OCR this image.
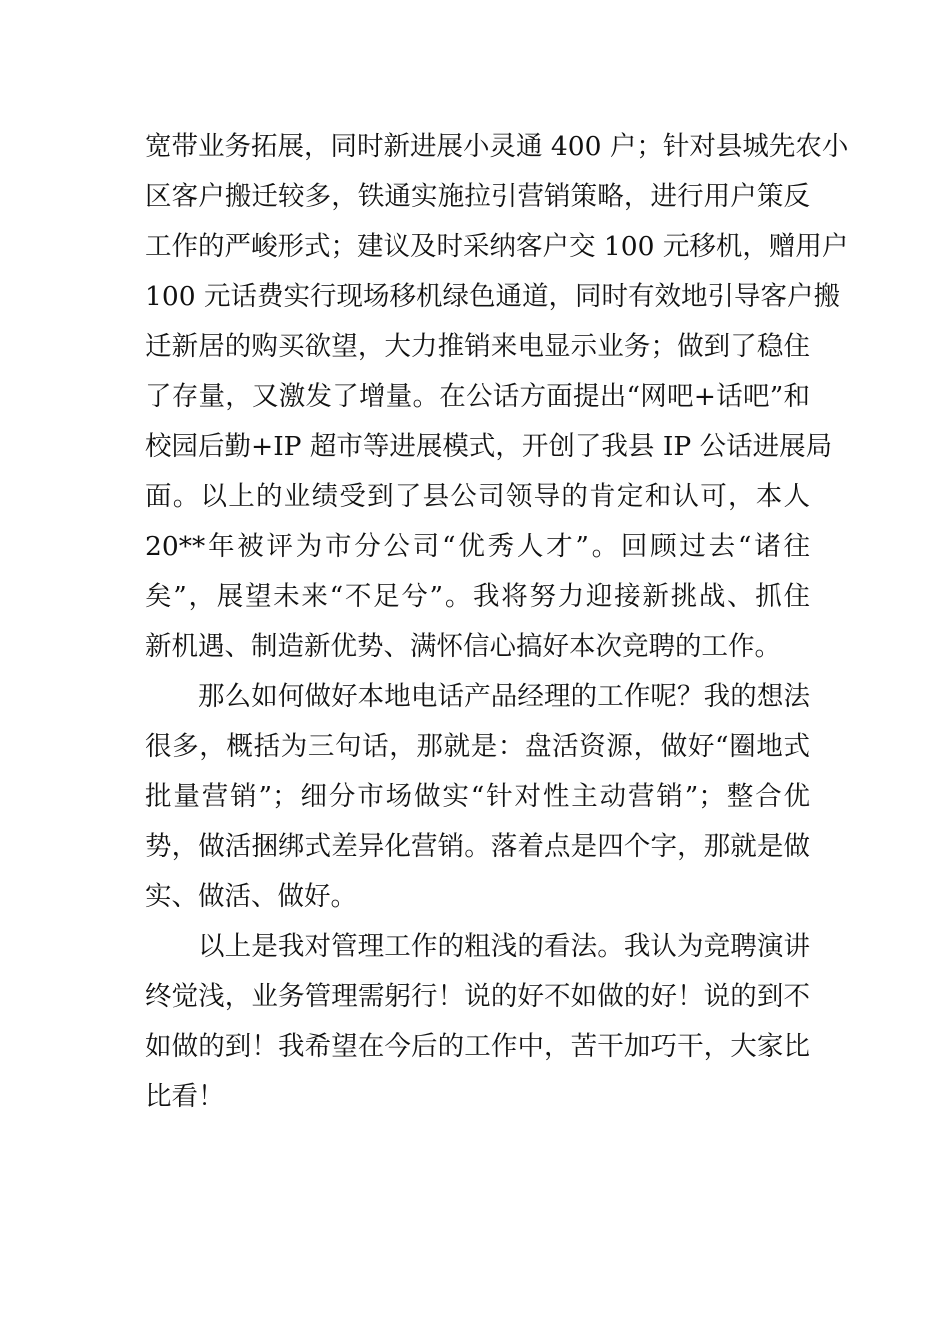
宽带业务拓展，同时新进展小灵通 400 户；针对县城先农小
区客户搬迁较多，铁通实施拉引营销策略，进行用户策反
工作的严峻形式；建议及时采纳客户交 100 元移机，赠用户
100 元话费实行现场移机绿色通道，同时有效地引导客户搬
迁新居的购买欲望，大力推销来电显示业务；做到了稳住
了存量，又激发了增量。在公话方面提出“网吧+话吧”和
校园后勤+IP 超市等进展模式，开创了我县 IP 公话进展局
面。以上的业绩受到了县公司领导的肯定和认可，本人
20**年被评为市分公司“优秀人才”。回顾过去“诸往
矣”，展望未来“不足兮”。我将努力迎接新挑战、抓住
新机遇、制造新优势、满怀信心搞好本次竞聘的工作。
那么如何做好本地电话产品经理的工作呢？我的想法
很多，概括为三句话，那就是：盘活资源，做好“圈地式
批量营销”；细分市场做实“针对性主动营销”；整合优
势，做活捆绑式差异化营销。落着点是四个字，那就是做
实、做活、做好。
以上是我对管理工作的粗浅的看法。我认为竞聘演讲
终觉浅，业务管理需躬行！说的好不如做的好！说的到不
如做的到！我希望在今后的工作中，苦干加巧干，大家比
比看！
